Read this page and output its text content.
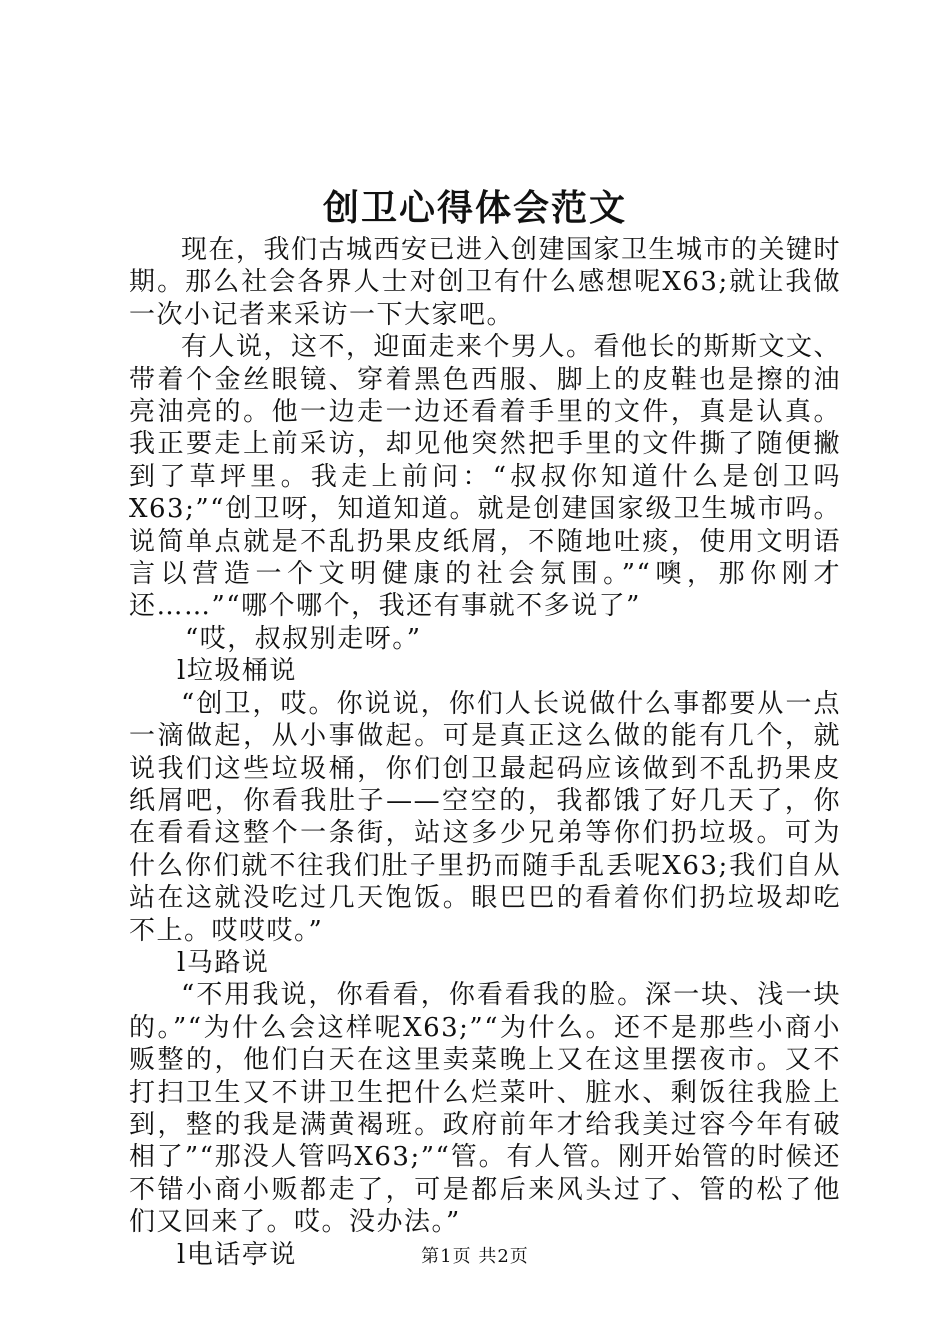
创卫心得体会范文

现在，我们古城西安已进入创建国家卫生城市的关键时期。那么社会各界人士对创卫有什么感想呢X63;就让我做一次小记者来采访一下大家吧。

有人说，这不，迎面走来个男人。看他长的斯斯文文、带着个金丝眼镜、穿着黑色西服、脚上的皮鞋也是擦的油亮油亮的。他一边走一边还看着手里的文件，真是认真。我正要走上前采访，却见他突然把手里的文件撕了随便撇到了草坪里。我走上前问：“叔叔你知道什么是创卫吗X63;”“创卫呀，知道知道。就是创建国家级卫生城市吗。说简单点就是不乱扔果皮纸屑，不随地吐痰，使用文明语言以营造一个文明健康的社会氛围。”“噢，那你刚才还……”“哪个哪个，我还有事就不多说了”

“哎，叔叔别走呀。”

l垃圾桶说

“创卫，哎。你说说，你们人长说做什么事都要从一点一滴做起，从小事做起。可是真正这么做的能有几个，就说我们这些垃圾桶，你们创卫最起码应该做到不乱扔果皮纸屑吧，你看我肚子——空空的，我都饿了好几天了，你在看看这整个一条街，站这多少兄弟等你们扔垃圾。可为什么你们就不往我们肚子里扔而随手乱丢呢X63;我们自从站在这就没吃过几天饱饭。眼巴巴的看着你们扔垃圾却吃不上。哎哎哎。”

l马路说

“不用我说，你看看，你看看我的脸。深一块、浅一块的。”“为什么会这样呢X63;”“为什么。还不是那些小商小贩整的，他们白天在这里卖菜晚上又在这里摆夜市。又不打扫卫生又不讲卫生把什么烂菜叶、脏水、剩饭往我脸上到，整的我是满黄褐班。政府前年才给我美过容今年有破相了”“那没人管吗X63;”“管。有人管。刚开始管的时候还不错小商小贩都走了，可是都后来风头过了、管的松了他们又回来了。哎。没办法。”

l电话亭说	第1页 共2页
